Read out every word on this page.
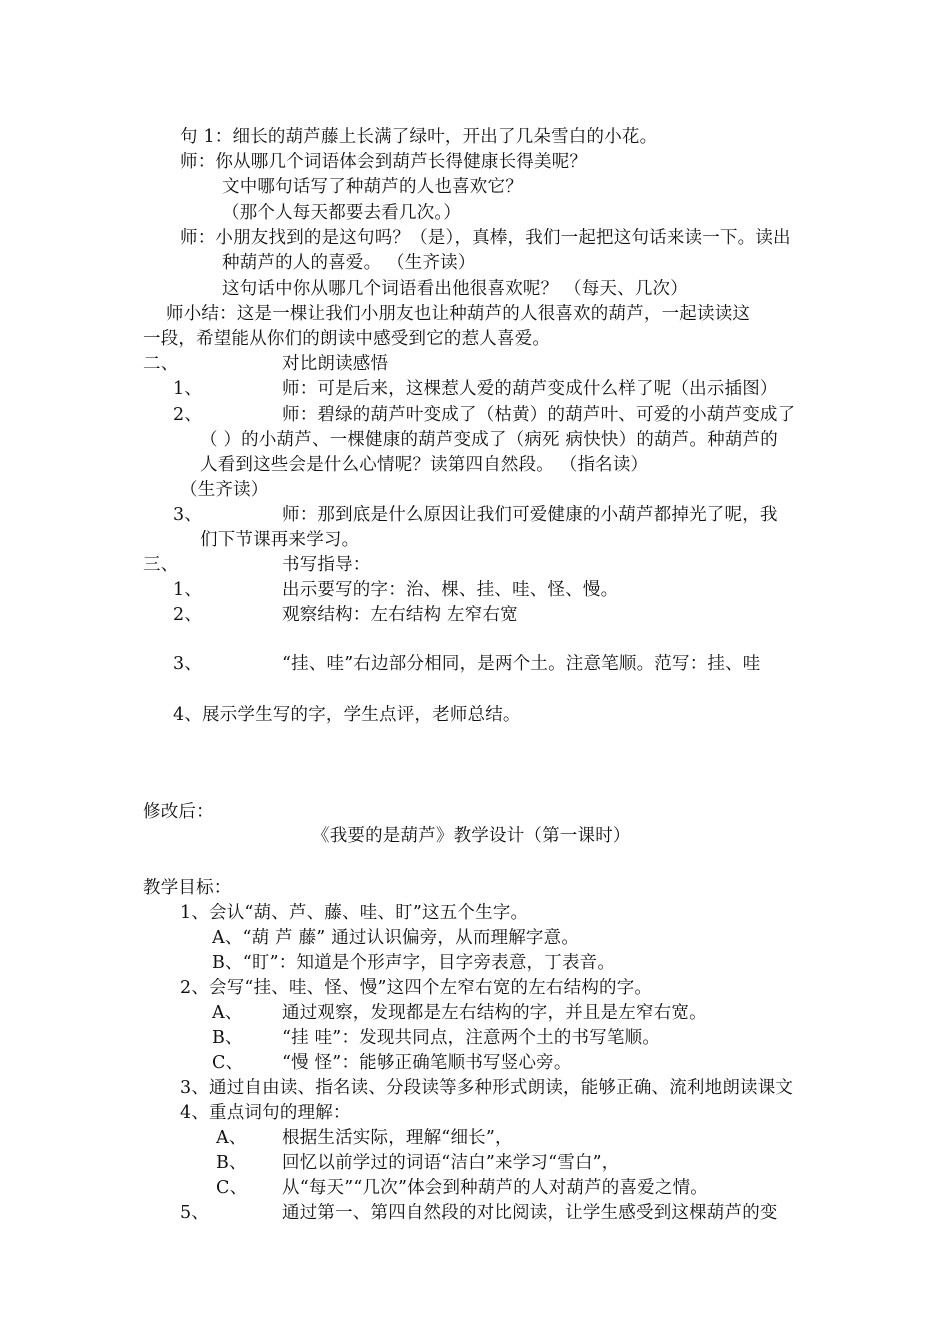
句 1：细长的葫芦藤上长满了绿叶，开出了几朵雪白的小花。
师：你从哪几个词语体会到葫芦长得健康长得美呢？
文中哪句话写了种葫芦的人也喜欢它？
（那个人每天都要去看几次。）
师：小朋友找到的是这句吗？（是），真棒，我们一起把这句话来读一下。读出
种葫芦的人的喜爱。 （生齐读）
这句话中你从哪几个词语看出他很喜欢呢？ （每天、几次）
师小结：这是一棵让我们小朋友也让种葫芦的人很喜欢的葫芦，一起读读这
一段，希望能从你们的朗读中感受到它的惹人喜爱。
二、	对比朗读感悟
1、	师：可是后来，这棵惹人爱的葫芦变成什么样了呢（出示插图）
2、	师：碧绿的葫芦叶变成了（枯黄）的葫芦叶、可爱的小葫芦变成了
（ ）的小葫芦、一棵健康的葫芦变成了（病死 病快快）的葫芦。种葫芦的
人看到这些会是什么心情呢？读第四自然段。 （指名读）
（生齐读）
3、	师：那到底是什么原因让我们可爱健康的小葫芦都掉光了呢，我
们下节课再来学习。
三、	书写指导：
1、	出示要写的字：治、棵、挂、哇、怪、慢。
2、	观察结构：左右结构 左窄右宽
3、	“挂、哇”右边部分相同，是两个土。注意笔顺。范写：挂、哇
4、展示学生写的字，学生点评，老师总结。
修改后：
《我要的是葫芦》教学设计（第一课时）
教学目标：
1、会认“葫、芦、藤、哇、盯”这五个生字。
A、“葫 芦 藤” 通过认识偏旁，从而理解字意。
B、“盯”：知道是个形声字，目字旁表意，丁表音。
2、会写“挂、哇、怪、慢”这四个左窄右宽的左右结构的字。
A、 通过观察，发现都是左右结构的字，并且是左窄右宽。
B、 “挂 哇”：发现共同点，注意两个土的书写笔顺。
C、 “慢 怪”：能够正确笔顺书写竖心旁。
3、通过自由读、指名读、分段读等多种形式朗读，能够正确、流利地朗读课文
4、重点词句的理解：
A、 根据生活实际，理解“细长”，
B、 回忆以前学过的词语“洁白”来学习“雪白”，
C、 从“每天”“几次”体会到种葫芦的人对葫芦的喜爱之情。
5、	通过第一、第四自然段的对比阅读，让学生感受到这棵葫芦的变
